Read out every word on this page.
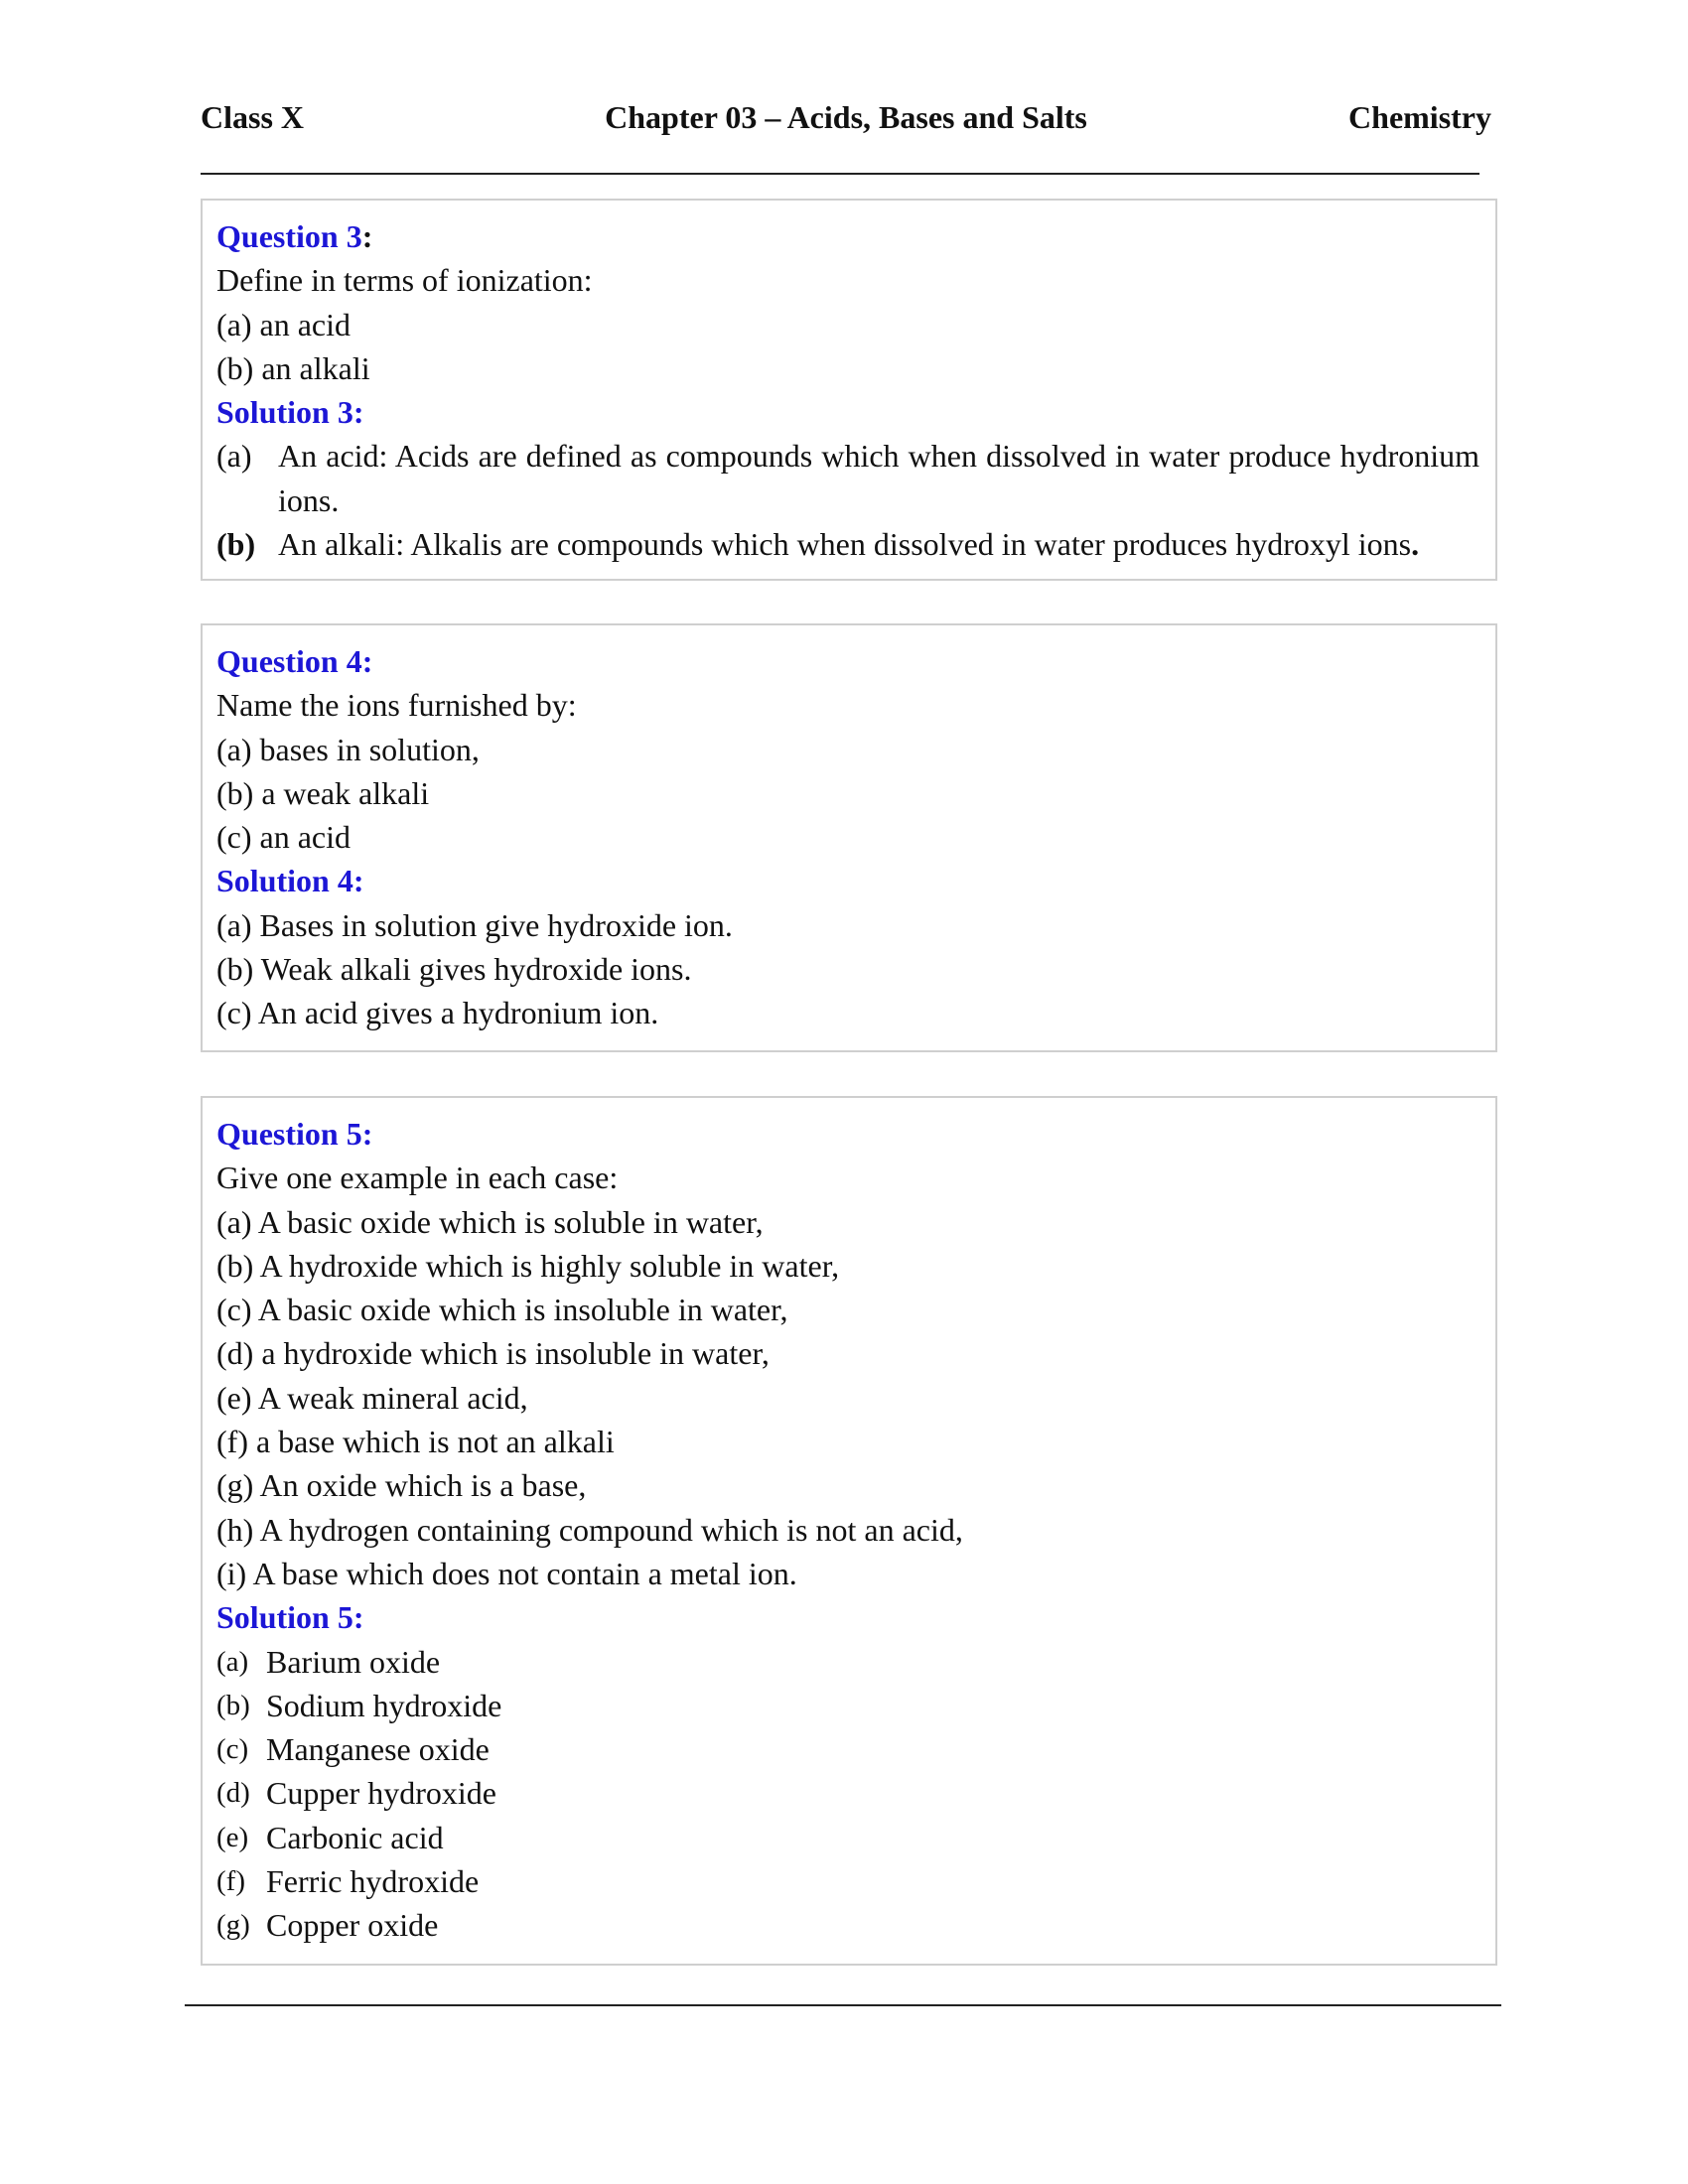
Class X	Chapter 03 – Acids, Bases and Salts	Chemistry
Question 3:
Define in terms of ionization:
(a) an acid
(b) an alkali
Solution 3:
(a) An acid: Acids are defined as compounds which when dissolved in water produce hydronium ions.
(b) An alkali: Alkalis are compounds which when dissolved in water produces hydroxyl ions.
Question 4:
Name the ions furnished by:
(a) bases in solution,
(b) a weak alkali
(c) an acid
Solution 4:
(a) Bases in solution give hydroxide ion.
(b) Weak alkali gives hydroxide ions.
(c) An acid gives a hydronium ion.
Question 5:
Give one example in each case:
(a) A basic oxide which is soluble in water,
(b) A hydroxide which is highly soluble in water,
(c) A basic oxide which is insoluble in water,
(d) a hydroxide which is insoluble in water,
(e) A weak mineral acid,
(f) a base which is not an alkali
(g) An oxide which is a base,
(h) A hydrogen containing compound which is not an acid,
(i) A base which does not contain a metal ion.
Solution 5:
(a) Barium oxide
(b) Sodium hydroxide
(c) Manganese oxide
(d) Cupper hydroxide
(e) Carbonic acid
(f) Ferric hydroxide
(g) Copper oxide
